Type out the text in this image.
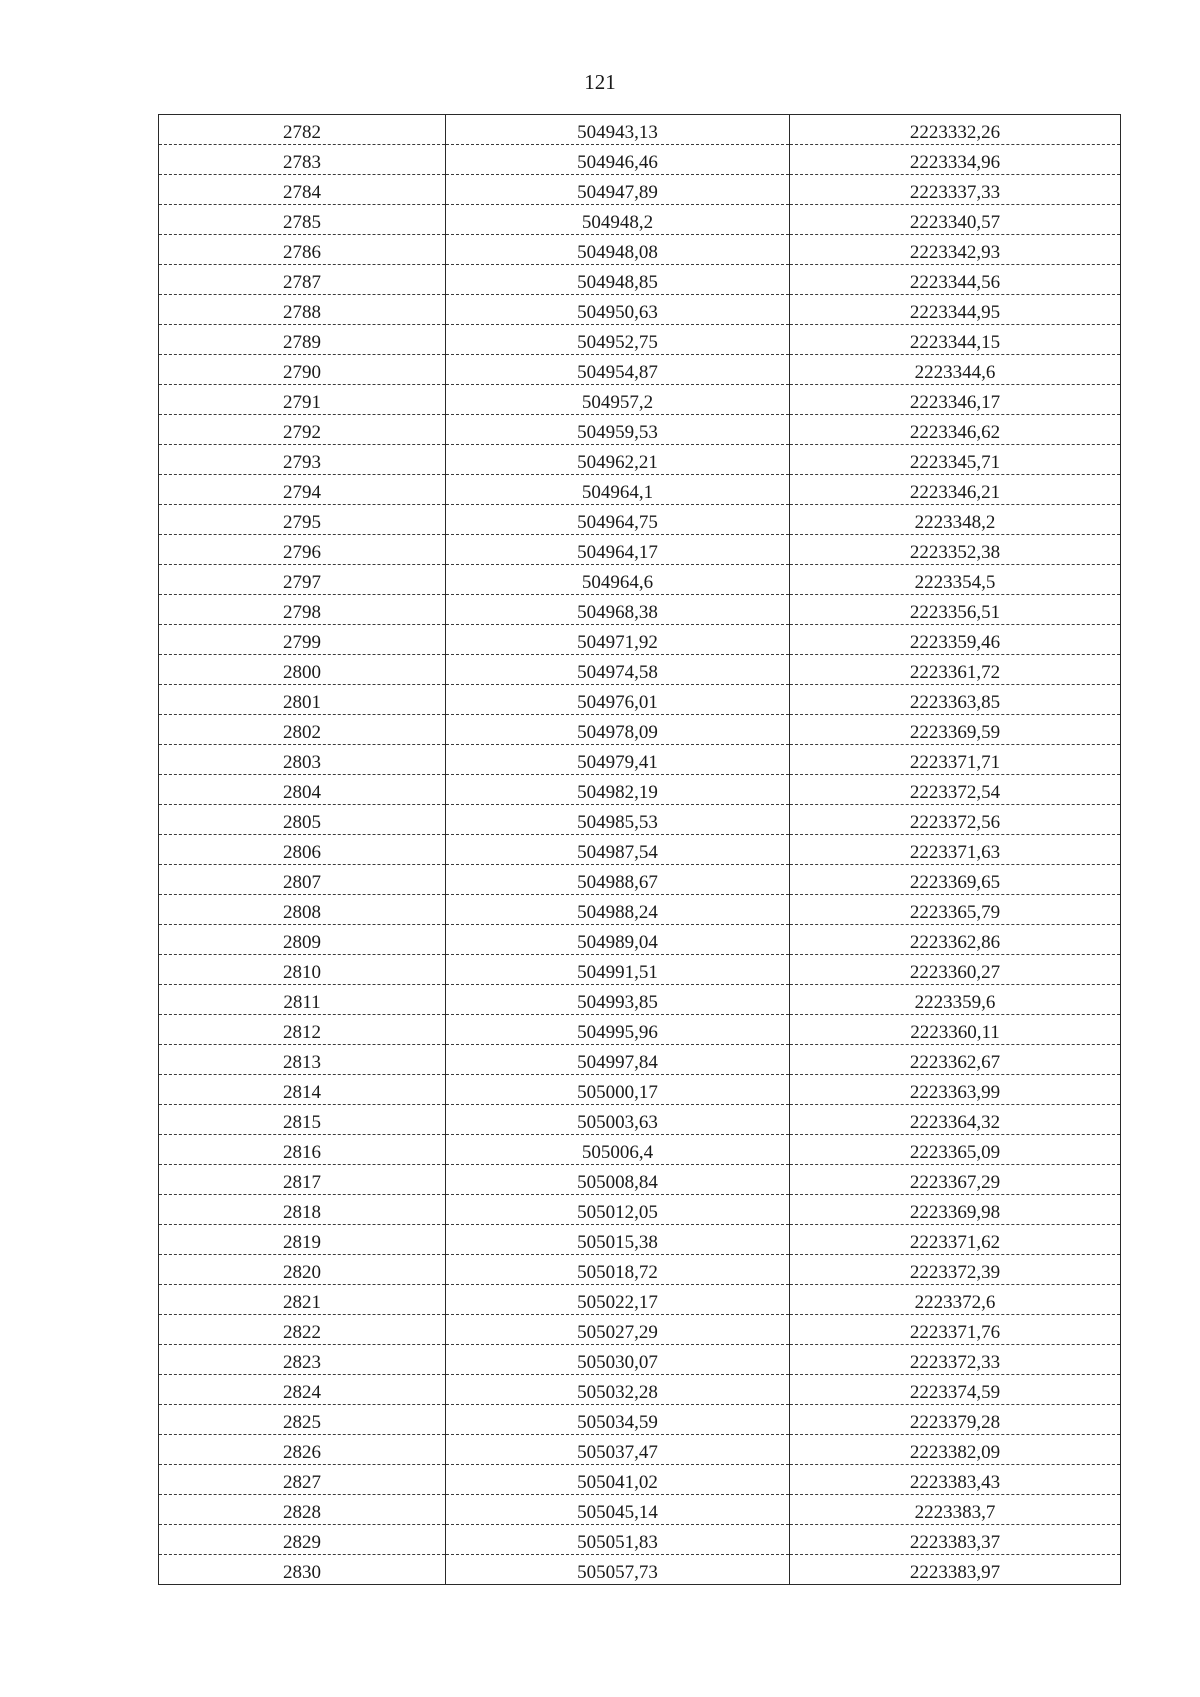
121
2782	504943,13	2223332,26
2783	504946,46	2223334,96
2784	504947,89	2223337,33
2785	504948,2	2223340,57
2786	504948,08	2223342,93
2787	504948,85	2223344,56
2788	504950,63	2223344,95
2789	504952,75	2223344,15
2790	504954,87	2223344,6
2791	504957,2	2223346,17
2792	504959,53	2223346,62
2793	504962,21	2223345,71
2794	504964,1	2223346,21
2795	504964,75	2223348,2
2796	504964,17	2223352,38
2797	504964,6	2223354,5
2798	504968,38	2223356,51
2799	504971,92	2223359,46
2800	504974,58	2223361,72
2801	504976,01	2223363,85
2802	504978,09	2223369,59
2803	504979,41	2223371,71
2804	504982,19	2223372,54
2805	504985,53	2223372,56
2806	504987,54	2223371,63
2807	504988,67	2223369,65
2808	504988,24	2223365,79
2809	504989,04	2223362,86
2810	504991,51	2223360,27
2811	504993,85	2223359,6
2812	504995,96	2223360,11
2813	504997,84	2223362,67
2814	505000,17	2223363,99
2815	505003,63	2223364,32
2816	505006,4	2223365,09
2817	505008,84	2223367,29
2818	505012,05	2223369,98
2819	505015,38	2223371,62
2820	505018,72	2223372,39
2821	505022,17	2223372,6
2822	505027,29	2223371,76
2823	505030,07	2223372,33
2824	505032,28	2223374,59
2825	505034,59	2223379,28
2826	505037,47	2223382,09
2827	505041,02	2223383,43
2828	505045,14	2223383,7
2829	505051,83	2223383,37
2830	505057,73	2223383,97
